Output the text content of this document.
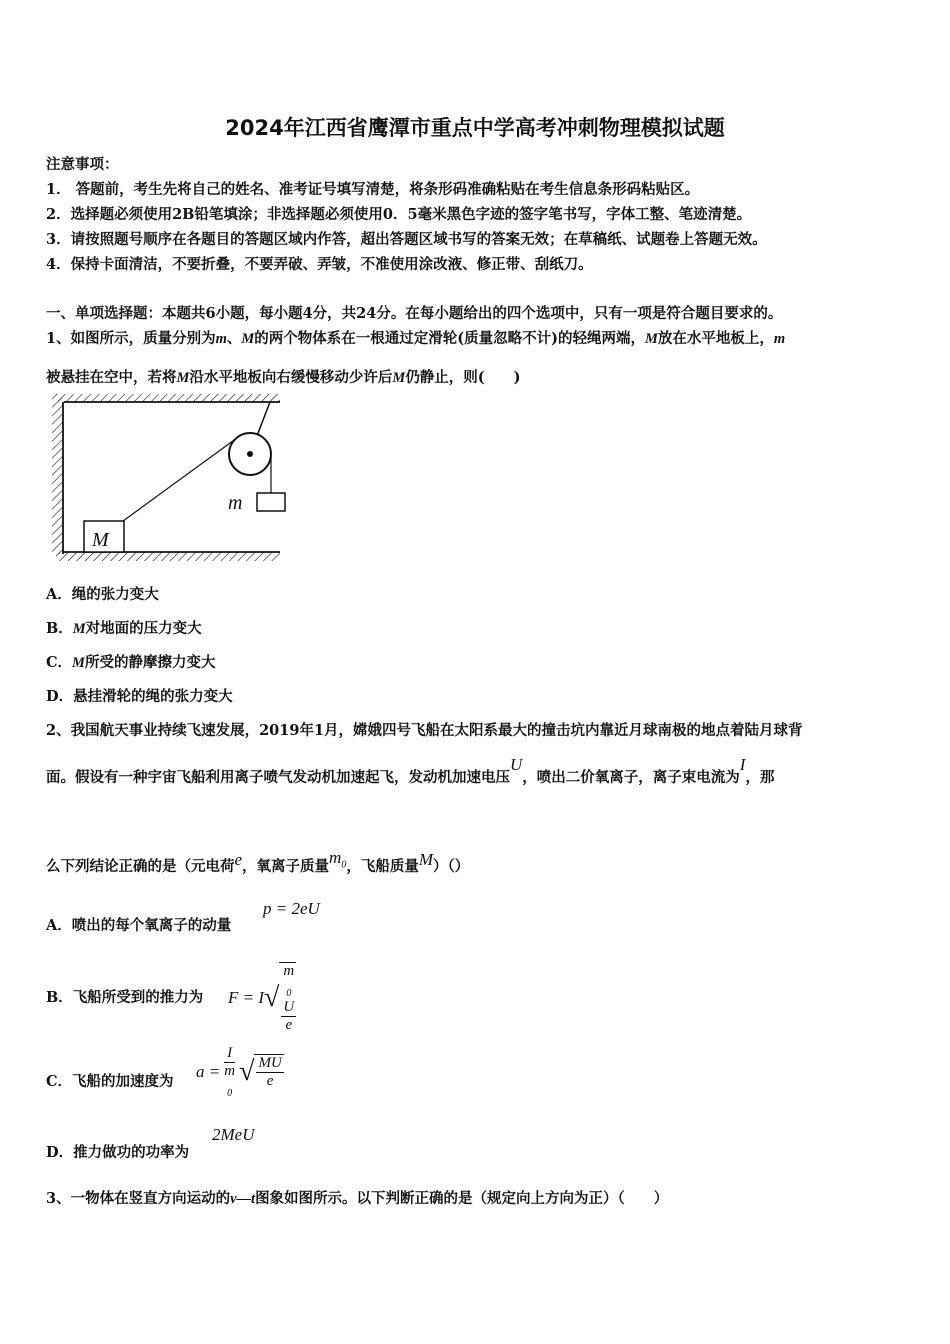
2024年江西省鹰潭市重点中学高考冲刺物理模拟试题
注意事项：
1． 答题前，考生先将自己的姓名、准考证号填写清楚，将条形码准确粘贴在考生信息条形码粘贴区。
2．选择题必须使用2B铅笔填涂；非选择题必须使用0．5毫米黑色字迹的签字笔书写，字体工整、笔迹清楚。
3．请按照题号顺序在各题目的答题区域内作答，超出答题区域书写的答案无效；在草稿纸、试题卷上答题无效。
4．保持卡面清洁，不要折叠，不要弄破、弄皱，不准使用涂改液、修正带、刮纸刀。
一、单项选择题：本题共6小题，每小题4分，共24分。在每小题给出的四个选项中，只有一项是符合题目要求的。
1、如图所示，质量分别为m、M的两个物体系在一根通过定滑轮(质量忽略不计)的轻绳两端，M放在水平地板上，m
被悬挂在空中，若将M沿水平地板向右缓慢移动少许后M仍静止，则(　　)
m
M
A．绳的张力变大
B．M对地面的压力变大
C．M所受的静摩擦力变大
D．悬挂滑轮的绳的张力变大
2、我国航天事业持续飞速发展，2019年1月，嫦娥四号飞船在太阳系最大的撞击坑内靠近月球南极的地点着陆月球背
面。假设有一种宇宙飞船利用离子喷气发动机加速起飞，发动机加速电压U，喷出二价氧离子，离子束电流为I，那
么下列结论正确的是（元电荷e，氧离子质量$m_0$，飞船质量M）（）
A．喷出的每个氧离子的动量
p = 2eU
B．飞船所受到的推力为 F = I√ m
$_0$
U
e
C．飞船的加速度为
a = I
m
$_0$ √ $\frac{MU}{e}$
D．推力做功的功率为
2MeU
3、一物体在竖直方向运动的v—t图象如图所示。以下判断正确的是（规定向上方向为正）（　　）
